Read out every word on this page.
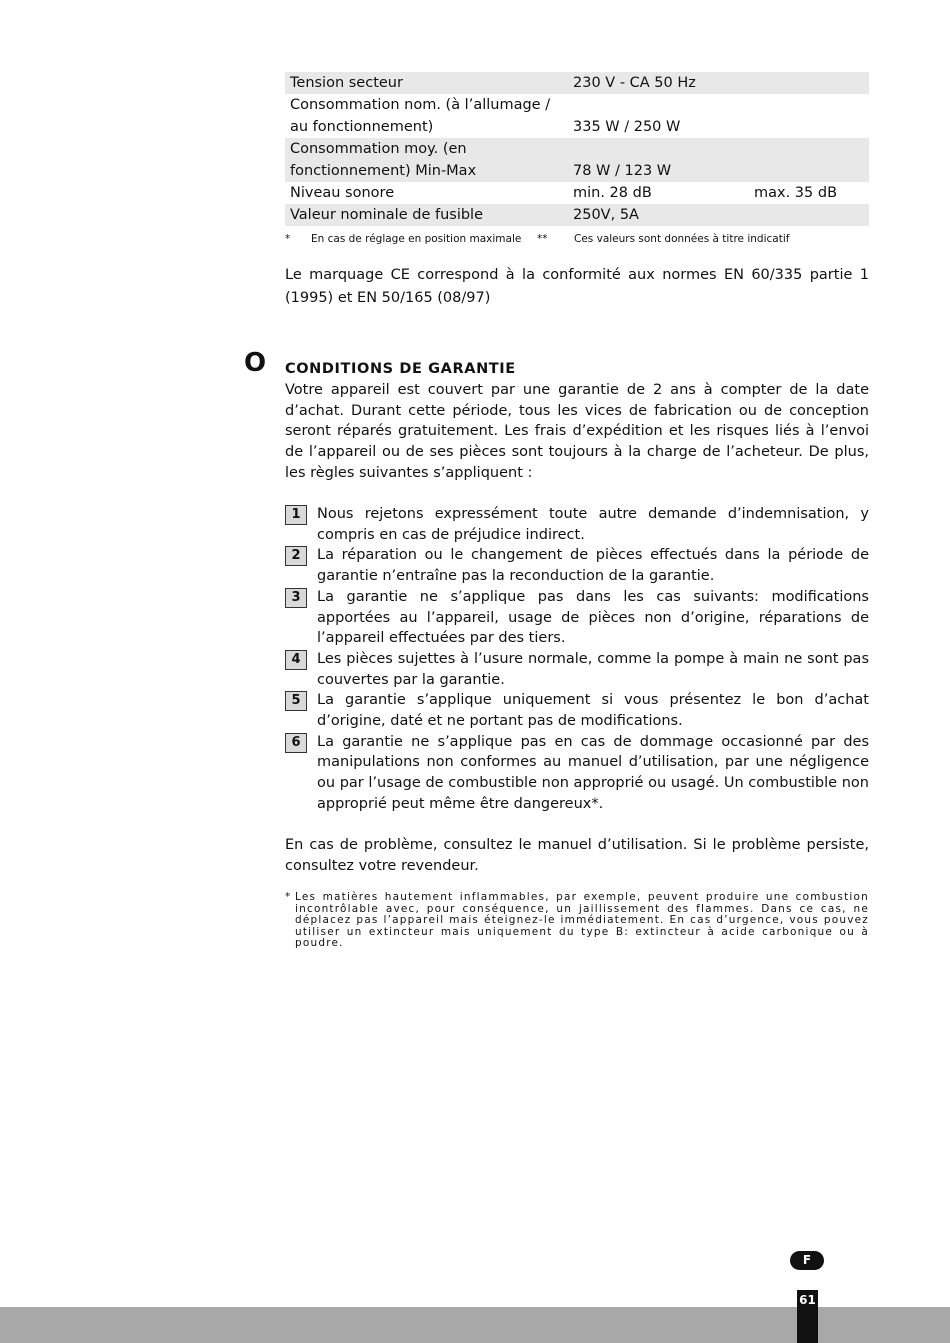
Tension secteur	230 V - CA 50 Hz	
Consommation nom. (à l’allumage / au fonctionnement)	335 W / 250 W	
Consommation moy. (en fonctionnement) Min-Max	78 W / 123 W	
Niveau sonore	min. 28 dB	max. 35 dB
Valeur nominale de fusible	250V, 5A	
*	En cas de réglage en position maximale	**	Ces valeurs sont données à titre indicatif
Le marquage CE correspond à la conformité aux normes EN 60/335 partie 1 (1995) et EN 50/165 (08/97)
O CONDITIONS DE GARANTIE
Votre appareil est couvert par une garantie de 2 ans à compter de la date d’achat. Durant cette période, tous les vices de fabrication ou de conception seront réparés gratuitement. Les frais d’expédition et les risques liés à l’envoi de l’appareil ou de ses pièces sont toujours à la charge de l’acheteur. De plus, les règles suivantes s’appliquent :
1	Nous rejetons expressément toute autre demande d’indemnisation, y compris en cas de préjudice indirect.
2	La réparation ou le changement de pièces effectués dans la période de garantie n’entraîne pas la reconduction de la garantie.
3	La garantie ne s’applique pas dans les cas suivants: modifications apportées au l’appareil, usage de pièces non d’origine, réparations de l’appareil effectuées par des tiers.
4	Les pièces sujettes à l’usure normale, comme la pompe à main ne sont pas couvertes par la garantie.
5	La garantie s’applique uniquement si vous présentez le bon d’achat d’origine, daté et ne portant pas de modifications.
6	La garantie ne s’applique pas en cas de dommage occasionné par des manipulations non conformes au manuel d’utilisation, par une négligence ou par l’usage de combustible non approprié ou usagé. Un combustible non approprié peut même être dangereux*.
En cas de problème, consultez le manuel d’utilisation. Si le problème persiste, consultez votre revendeur.
* Les matières hautement inflammables, par exemple, peuvent produire une combustion incontrôlable avec, pour conséquence, un jaillissement des flammes. Dans ce cas, ne déplacez pas l’appareil mais éteignez-le immédiatement. En cas d’urgence, vous pouvez utiliser un extincteur mais uniquement du type B: extincteur à acide carbonique ou à poudre.
F
61
